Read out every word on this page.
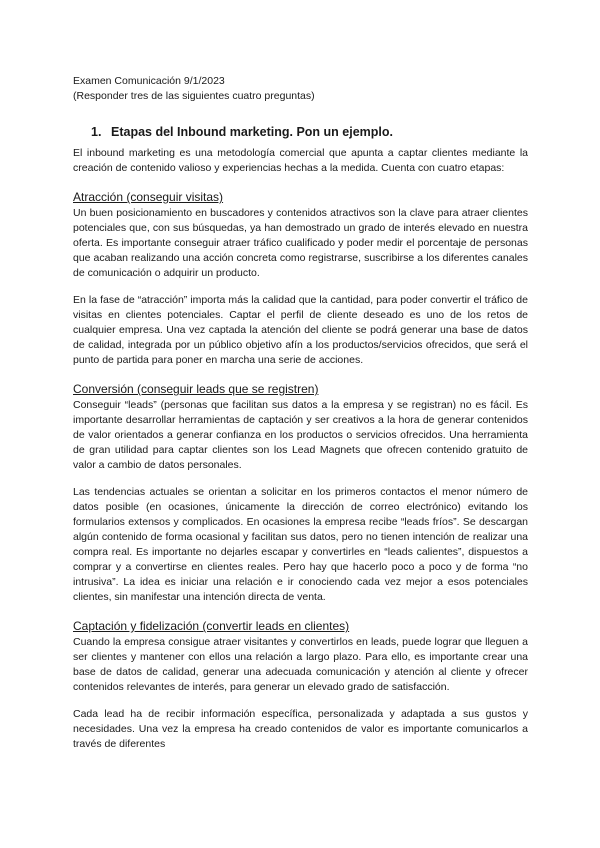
Examen Comunicación 9/1/2023
(Responder tres de las siguientes cuatro preguntas)
1. Etapas del Inbound marketing. Pon un ejemplo.

El inbound marketing es una metodología comercial que apunta a captar clientes mediante la creación de contenido valioso y experiencias hechas a la medida. Cuenta con cuatro etapas:

Atracción (conseguir visitas)

Un buen posicionamiento en buscadores y contenidos atractivos son la clave para atraer clientes potenciales que, con sus búsquedas, ya han demostrado un grado de interés elevado en nuestra oferta. Es importante conseguir atraer tráfico cualificado y poder medir el porcentaje de personas que acaban realizando una acción concreta como registrarse, suscribirse a los diferentes canales de comunicación o adquirir un producto.

En la fase de “atracción” importa más la calidad que la cantidad, para poder convertir el tráfico de visitas en clientes potenciales. Captar el perfil de cliente deseado es uno de los retos de cualquier empresa. Una vez captada la atención del cliente se podrá generar una base de datos de calidad, integrada por un público objetivo afín a los productos/servicios ofrecidos, que será el punto de partida para poner en marcha una serie de acciones.

Conversión (conseguir leads que se registren)

Conseguir “leads” (personas que facilitan sus datos a la empresa y se registran) no es fácil. Es importante desarrollar herramientas de captación y ser creativos a la hora de generar contenidos de valor orientados a generar confianza en los productos o servicios ofrecidos. Una herramienta de gran utilidad para captar clientes son los Lead Magnets que ofrecen contenido gratuito de valor a cambio de datos personales.

Las tendencias actuales se orientan a solicitar en los primeros contactos el menor número de datos posible (en ocasiones, únicamente la dirección de correo electrónico) evitando los formularios extensos y complicados. En ocasiones la empresa recibe “leads fríos”. Se descargan algún contenido de forma ocasional y facilitan sus datos, pero no tienen intención de realizar una compra real. Es importante no dejarles escapar y convertirles en “leads calientes”, dispuestos a comprar y a convertirse en clientes reales. Pero hay que hacerlo poco a poco y de forma “no intrusiva”. La idea es iniciar una relación e ir conociendo cada vez mejor a esos potenciales clientes, sin manifestar una intención directa de venta.

Captación y fidelización (convertir leads en clientes)

Cuando la empresa consigue atraer visitantes y convertirlos en leads, puede lograr que lleguen a ser clientes y mantener con ellos una relación a largo plazo. Para ello, es importante crear una base de datos de calidad, generar una adecuada comunicación y atención al cliente y ofrecer contenidos relevantes de interés, para generar un elevado grado de satisfacción.

Cada lead ha de recibir información específica, personalizada y adaptada a sus gustos y necesidades. Una vez la empresa ha creado contenidos de valor es importante comunicarlos a través de diferentes
